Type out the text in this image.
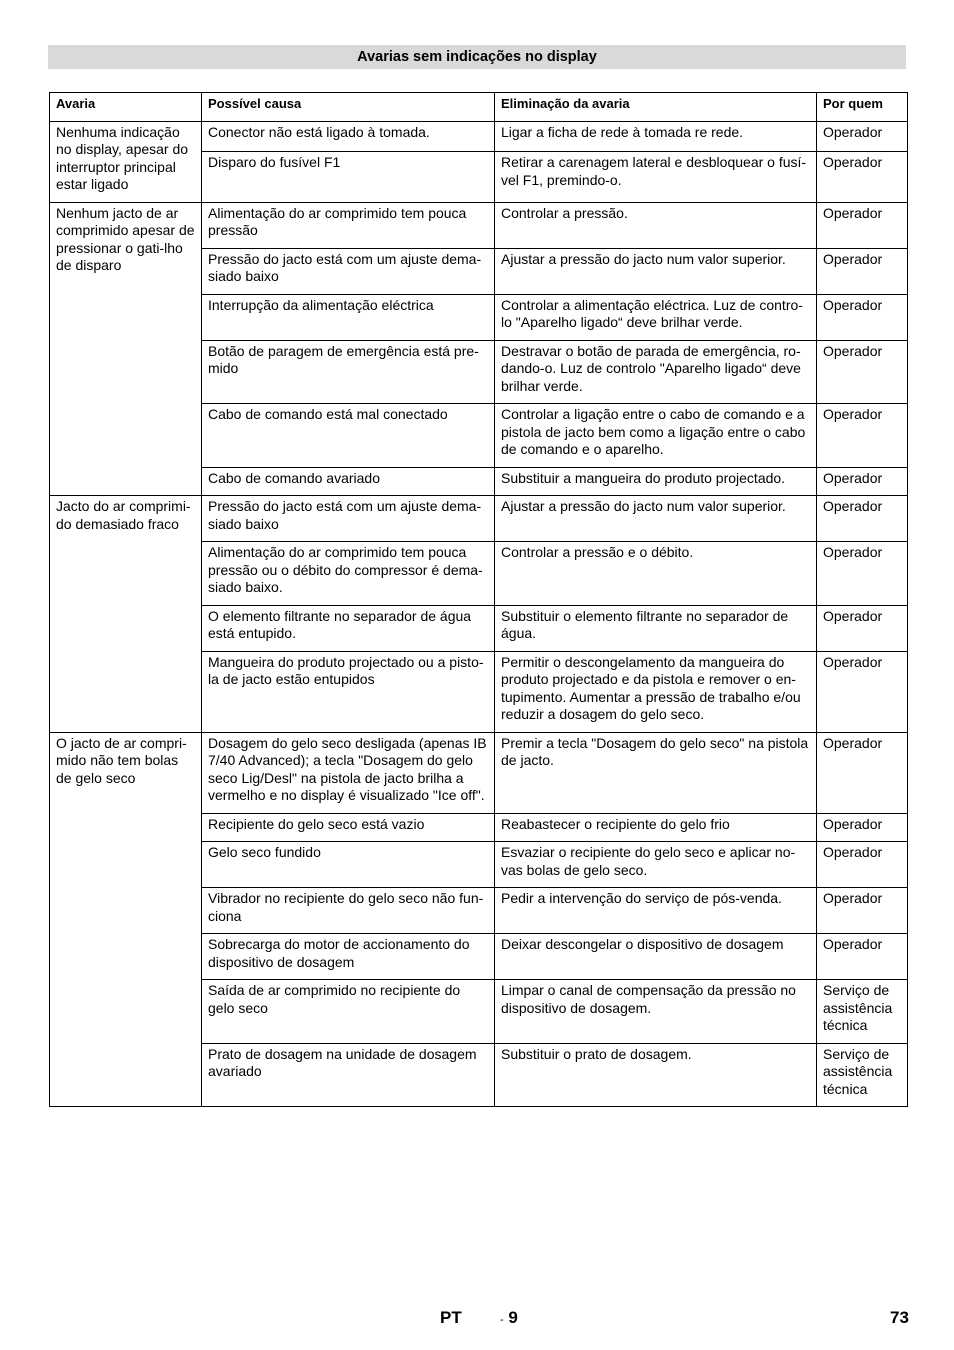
Avarias sem indicações no display
Avaria	Possível causa	Eliminação da avaria	Por quem
Nenhuma indicação no display, apesar do interruptor principal estar ligado	Conector não está ligado à tomada.	Ligar a ficha de rede à tomada re rede.	Operador
	Disparo do fusível F1	Retirar a carenagem lateral e desbloquear o fusí-vel F1, premindo-o.	Operador
Nenhum jacto de ar comprimido apesar de pressionar o gati-lho de disparo	Alimentação do ar comprimido tem pouca pressão	Controlar a pressão.	Operador
	Pressão do jacto está com um ajuste dema-siado baixo	Ajustar a pressão do jacto num valor superior.	Operador
	Interrupção da alimentação eléctrica	Controlar a alimentação eléctrica. Luz de contro-lo "Aparelho ligado“ deve brilhar verde.	Operador
	Botão de paragem de emergência está pre-mido	Destravar o botão de parada de emergência, ro-dando-o. Luz de controlo "Aparelho ligado“ deve brilhar verde.	Operador
	Cabo de comando está mal conectado	Controlar a ligação entre o cabo de comando e a pistola de jacto bem como a ligação entre o cabo de comando e o aparelho.	Operador
	Cabo de comando avariado	Substituir a mangueira do produto projectado.	Operador
Jacto do ar comprimi-do demasiado fraco	Pressão do jacto está com um ajuste dema-siado baixo	Ajustar a pressão do jacto num valor superior.	Operador
	Alimentação do ar comprimido tem pouca pressão ou o débito do compressor é dema-siado baixo.	Controlar a pressão e o débito.	Operador
	O elemento filtrante no separador de água está entupido.	Substituir o elemento filtrante no separador de água.	Operador
	Mangueira do produto projectado ou a pisto-la de jacto estão entupidos	Permitir o descongelamento da mangueira do produto projectado e da pistola e remover o en-tupimento. Aumentar a pressão de trabalho e/ou reduzir a dosagem do gelo seco.	Operador
O jacto de ar compri-mido não tem bolas de gelo seco	Dosagem do gelo seco desligada (apenas IB 7/40 Advanced); a tecla "Dosagem do gelo seco Lig/Desl" na pistola de jacto brilha a vermelho e no display é visualizado "Ice off".	Premir a tecla "Dosagem do gelo seco" na pistola de jacto.	Operador
	Recipiente do gelo seco está vazio	Reabastecer o recipiente do gelo frio	Operador
	Gelo seco fundido	Esvaziar o recipiente do gelo seco e aplicar no-vas bolas de gelo seco.	Operador
	Vibrador no recipiente do gelo seco não fun-ciona	Pedir a intervenção do serviço de pós-venda.	Operador
	Sobrecarga do motor de accionamento do dispositivo de dosagem	Deixar descongelar o dispositivo de dosagem	Operador
	Saída de ar comprimido no recipiente do gelo seco	Limpar o canal de compensação da pressão no dispositivo de dosagem.	Serviço de assistência técnica
	Prato de dosagem na unidade de dosagem avariado	Substituir o prato de dosagem.	Serviço de assistência técnica
PT	- 9	73
